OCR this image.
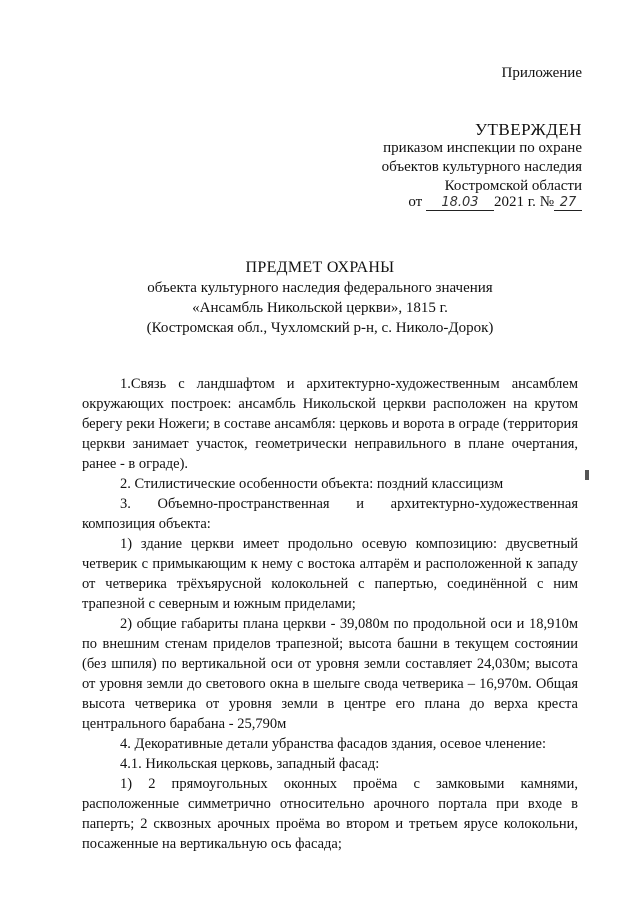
Приложение
УТВЕРЖДЕН
приказом инспекции по охране
объектов культурного наследия
Костромской области
от 18.03 2021 г. № 27
ПРЕДМЕТ ОХРАНЫ
объекта культурного наследия федерального значения
«Ансамбль Никольской церкви», 1815 г.
(Костромская обл., Чухломский р-н, с. Николо-Дорок)

1.Связь с ландшафтом и архитектурно-художественным ансамблем окружающих построек: ансамбль Никольской церкви расположен на крутом берегу реки Ножеги; в составе ансамбля: церковь и ворота в ограде (территория церкви занимает участок, геометрически неправильного в плане очертания, ранее - в ограде).

2. Стилистические особенности объекта: поздний классицизм

3. Объемно-пространственная и архитектурно-художественная композиция объекта:

1) здание церкви имеет продольно осевую композицию: двусветный четверик с примыкающим к нему с востока алтарём и расположенной к западу от четверика трёхъярусной колокольней с папертью, соединённой с ним трапезной с северным и южным приделами;

2) общие габариты плана церкви - 39,080м по продольной оси и 18,910м по внешним стенам приделов трапезной; высота башни в текущем состоянии (без шпиля) по вертикальной оси от уровня земли составляет 24,030м; высота от уровня земли до светового окна в шелыге свода четверика – 16,970м. Общая высота четверика от уровня земли в центре его плана до верха креста центрального барабана - 25,790м

4. Декоративные детали убранства фасадов здания, осевое членение:

4.1. Никольская церковь, западный фасад:

1) 2 прямоугольных оконных проёма с замковыми камнями, расположенные симметрично относительно арочного портала при входе в паперть; 2 сквозных арочных проёма во втором и третьем ярусе колокольни, посаженные на вертикальную ось фасада;
